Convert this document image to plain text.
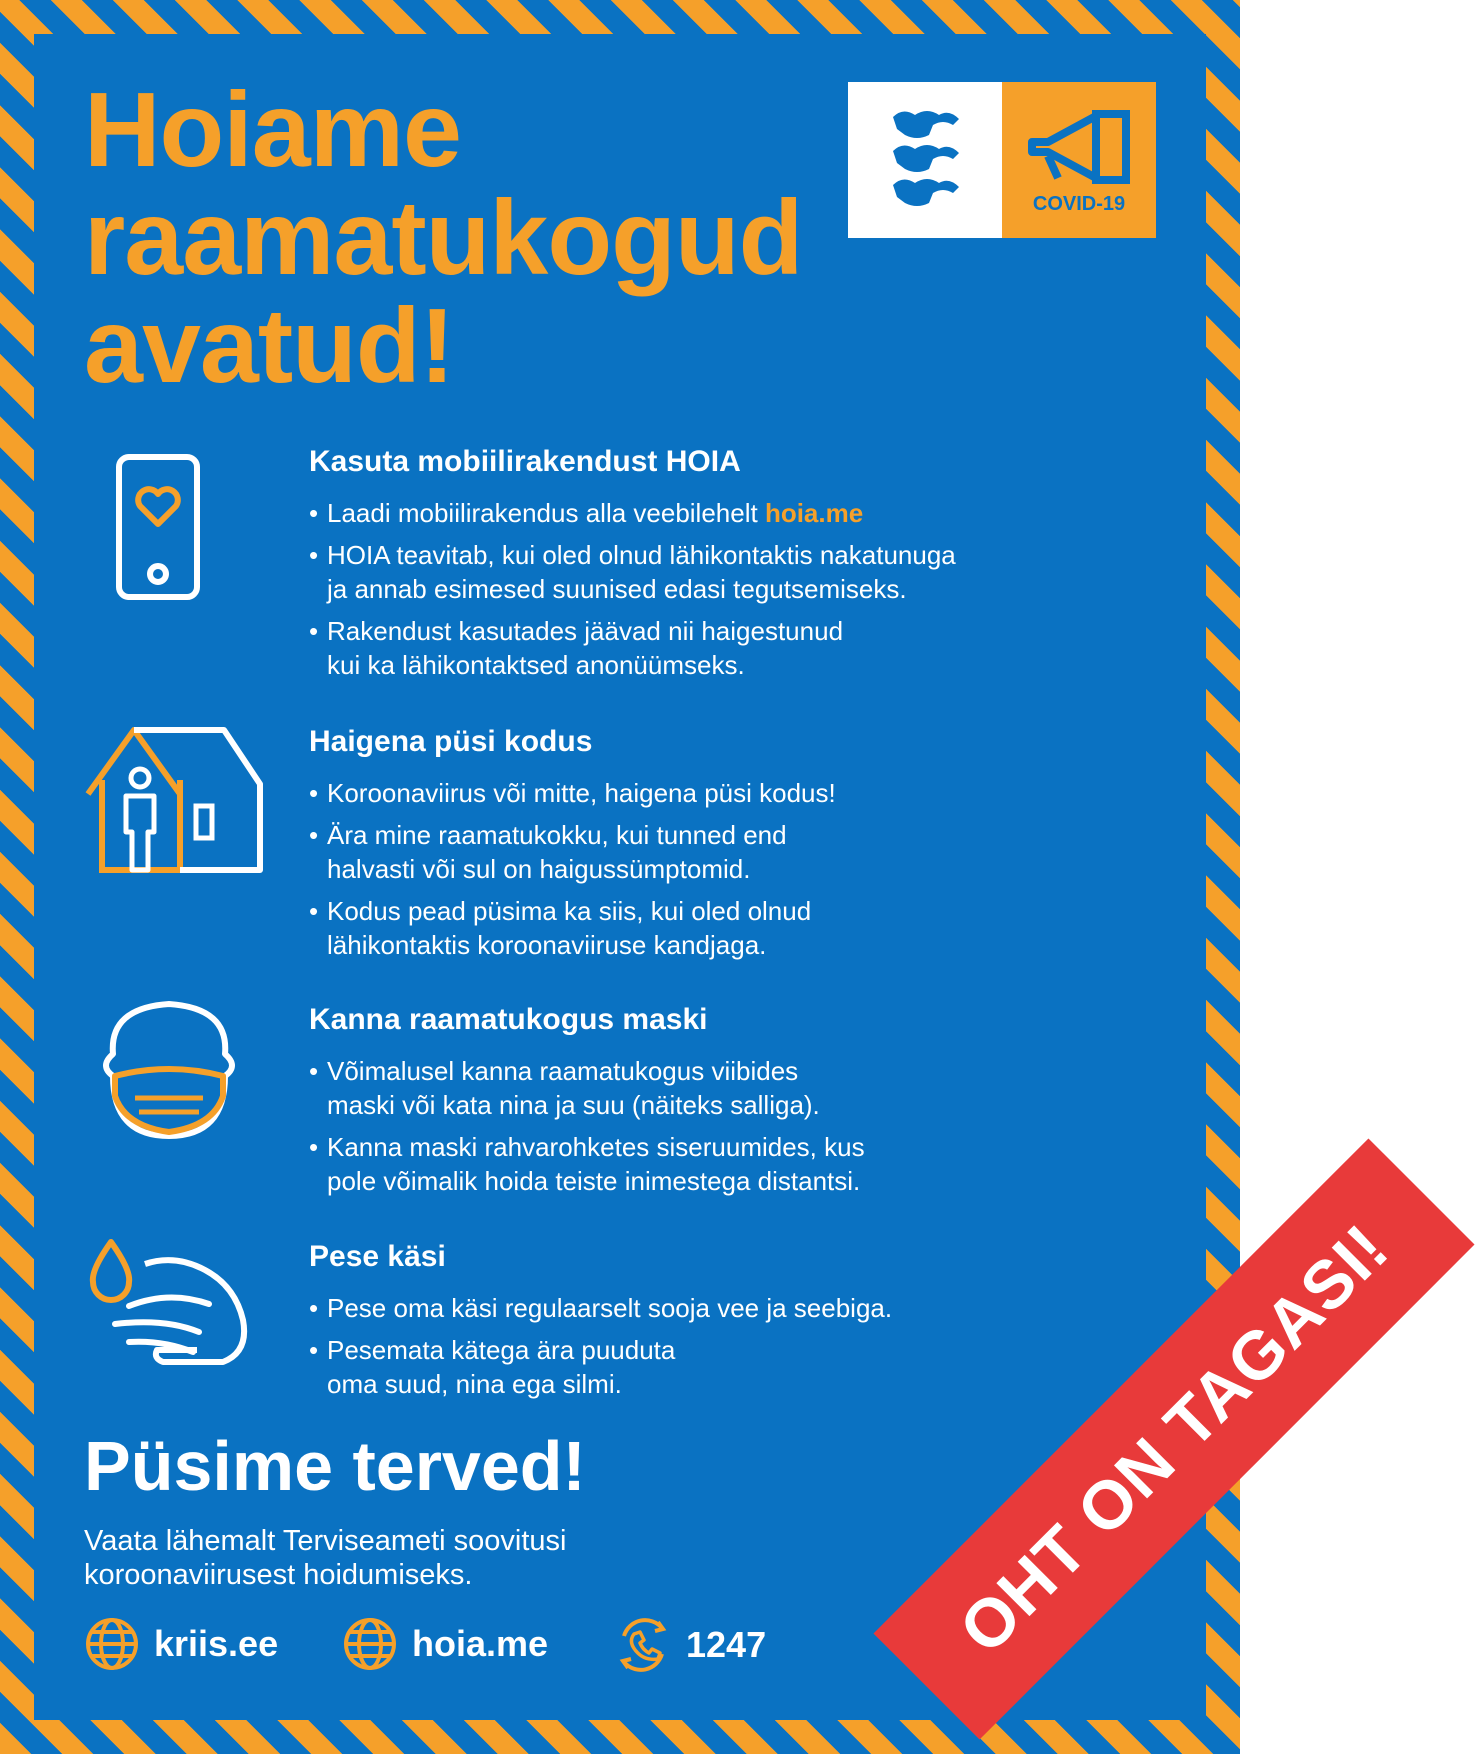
Hoiame
raamatukogud
avatud!
COVID-19
Kasuta mobiilirakendust HOIA
• Laadi mobiilirakendus alla veebilehelt hoia.me
• HOIA teavitab, kui oled olnud lähikontaktis nakatunuga
ja annab esimesed suunised edasi tegutsemiseks.
• Rakendust kasutades jäävad nii haigestunud
kui ka lähikontaktsed anonüümseks.
Haigena püsi kodus
• Koroonaviirus või mitte, haigena püsi kodus!
• Ära mine raamatukokku, kui tunned end
halvasti või sul on haigussümptomid.
• Kodus pead püsima ka siis, kui oled olnud
lähikontaktis koroonaviiruse kandjaga.
Kanna raamatukogus maski
• Võimalusel kanna raamatukogus viibides
maski või kata nina ja suu (näiteks salliga).
• Kanna maski rahvarohketes siseruumides, kus
pole võimalik hoida teiste inimestega distantsi.
Pese käsi
• Pese oma käsi regulaarselt sooja vee ja seebiga.
• Pesemata kätega ära puuduta
oma suud, nina ega silmi.
Püsime terved!
Vaata lähemalt Terviseameti soovitusi
koroonaviirusest hoidumiseks.
kriis.ee	hoia.me	1247	OHT ON TAGASI!
